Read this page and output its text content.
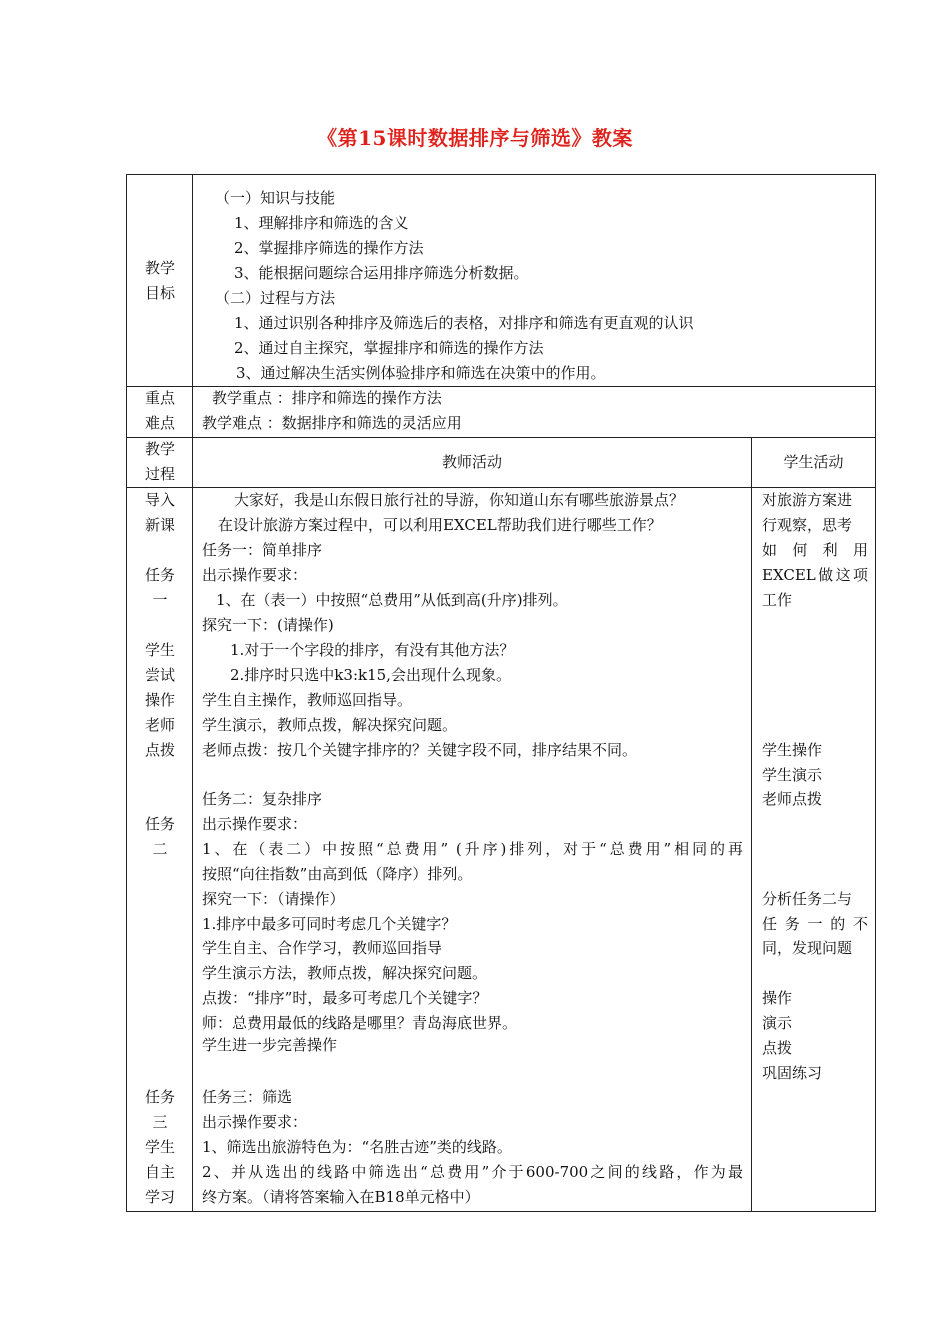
《第15课时数据排序与筛选》教案
教学
目标
（一）知识与技能
1、理解排序和筛选的含义
2、掌握排序筛选的操作方法
3、能根据问题综合运用排序筛选分析数据。
（二）过程与方法
1、通过识别各种排序及筛选后的表格，对排序和筛选有更直观的认识
2、通过自主探究，掌握排序和筛选的操作方法
3、通过解决生活实例体验排序和筛选在决策中的作用。
重点
难点
教学重点 ：排序和筛选的操作方法
教学难点 ：数据排序和筛选的灵活应用
教学
过程
教师活动	学生活动
导入
新课
任务
一
学生
尝试
操作
老师
点拨
任务
二
任务
三
学生
自主
学习
大家好，我是山东假日旅行社的导游，你知道山东有哪些旅游景点？
在设计旅游方案过程中，可以利用EXCEL帮助我们进行哪些工作？
任务一：简单排序
出示操作要求：
1、在（表一）中按照“总费用”从低到高(升序)排列。
探究一下：(请操作)
1.对于一个字段的排序，有没有其他方法？
2.排序时只选中k3:k15,会出现什么现象。
学生自主操作，教师巡回指导。
学生演示，教师点拨，解决探究问题。
老师点拨：按几个关键字排序的？关键字段不同，排序结果不同。
任务二：复杂排序
出示操作要求：
1、在（表二）中按照“总费用” (升序)排列，对于“总费用”相同的再
按照“向往指数”由高到低（降序）排列。
探究一下：（请操作）
1.排序中最多可同时考虑几个关键字？
学生自主、合作学习，教师巡回指导
学生演示方法，教师点拨，解决探究问题。
点拨：“排序”时，最多可考虑几个关键字？
师：总费用最低的线路是哪里？青岛海底世界。
学生进一步完善操作
任务三：筛选
出示操作要求：
1、筛选出旅游特色为：“名胜古迹”类的线路。
2、并从选出的线路中筛选出“总费用”介于600-700之间的线路，作为最
终方案。（请将答案输入在B18单元格中）
对旅游方案进
行观察，思考
如何利用
EXCEL做这项
工作
学生操作
学生演示
老师点拨
分析任务二与
任务一的不
同，发现问题
操作
演示
点拨
巩固练习
